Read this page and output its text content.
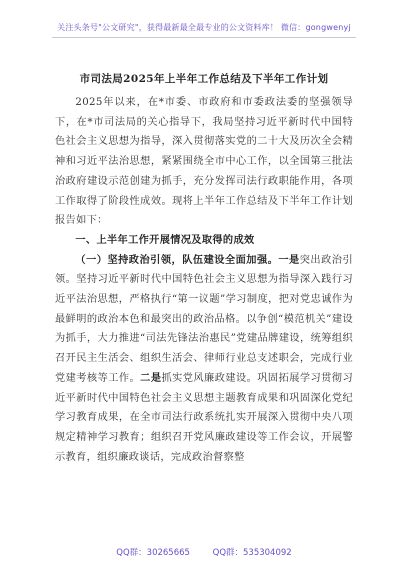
关注头条号"公文研究"，获得最新最全最专业的公文资料库！ 微信：gongwenyj
市司法局2025年上半年工作总结及下半年工作计划

2025年以来，在*市委、市政府和市委政法委的坚强领导下，在*市司法局的关心指导下，我局坚持习近平新时代中国特色社会主义思想为指导，深入贯彻落实党的二十大及历次全会精神和习近平法治思想，紧紧围绕全市中心工作，以全国第三批法治政府建设示范创建为抓手，充分发挥司法行政职能作用，各项工作取得了阶段性成效。现将上半年工作总结及下半年工作计划报告如下：

一、上半年工作开展情况及取得的成效

（一）坚持政治引领，队伍建设全面加强。一是突出政治引领。坚持习近平新时代中国特色社会主义思想为指导深入践行习近平法治思想，严格执行“第一议题”学习制度，把对党忠诚作为最鲜明的政治本色和最突出的政治品格。以争创“模范机关”建设为抓手，大力推进“司法先锋法治惠民”党建品牌建设，统筹组织召开民主生活会、组织生活会、律师行业总支述职会，完成行业党建考核等工作。二是抓实党风廉政建设。巩固拓展学习贯彻习近平新时代中国特色社会主义思想主题教育成果和巩固深化党纪学习教育成果，在全市司法行政系统扎实开展深入贯彻中央八项规定精神学习教育；组织召开党风廉政建设等工作会议，开展警示教育，组织廉政谈话，完成政治督察整

QQ群：30265665	QQ群：535304092
